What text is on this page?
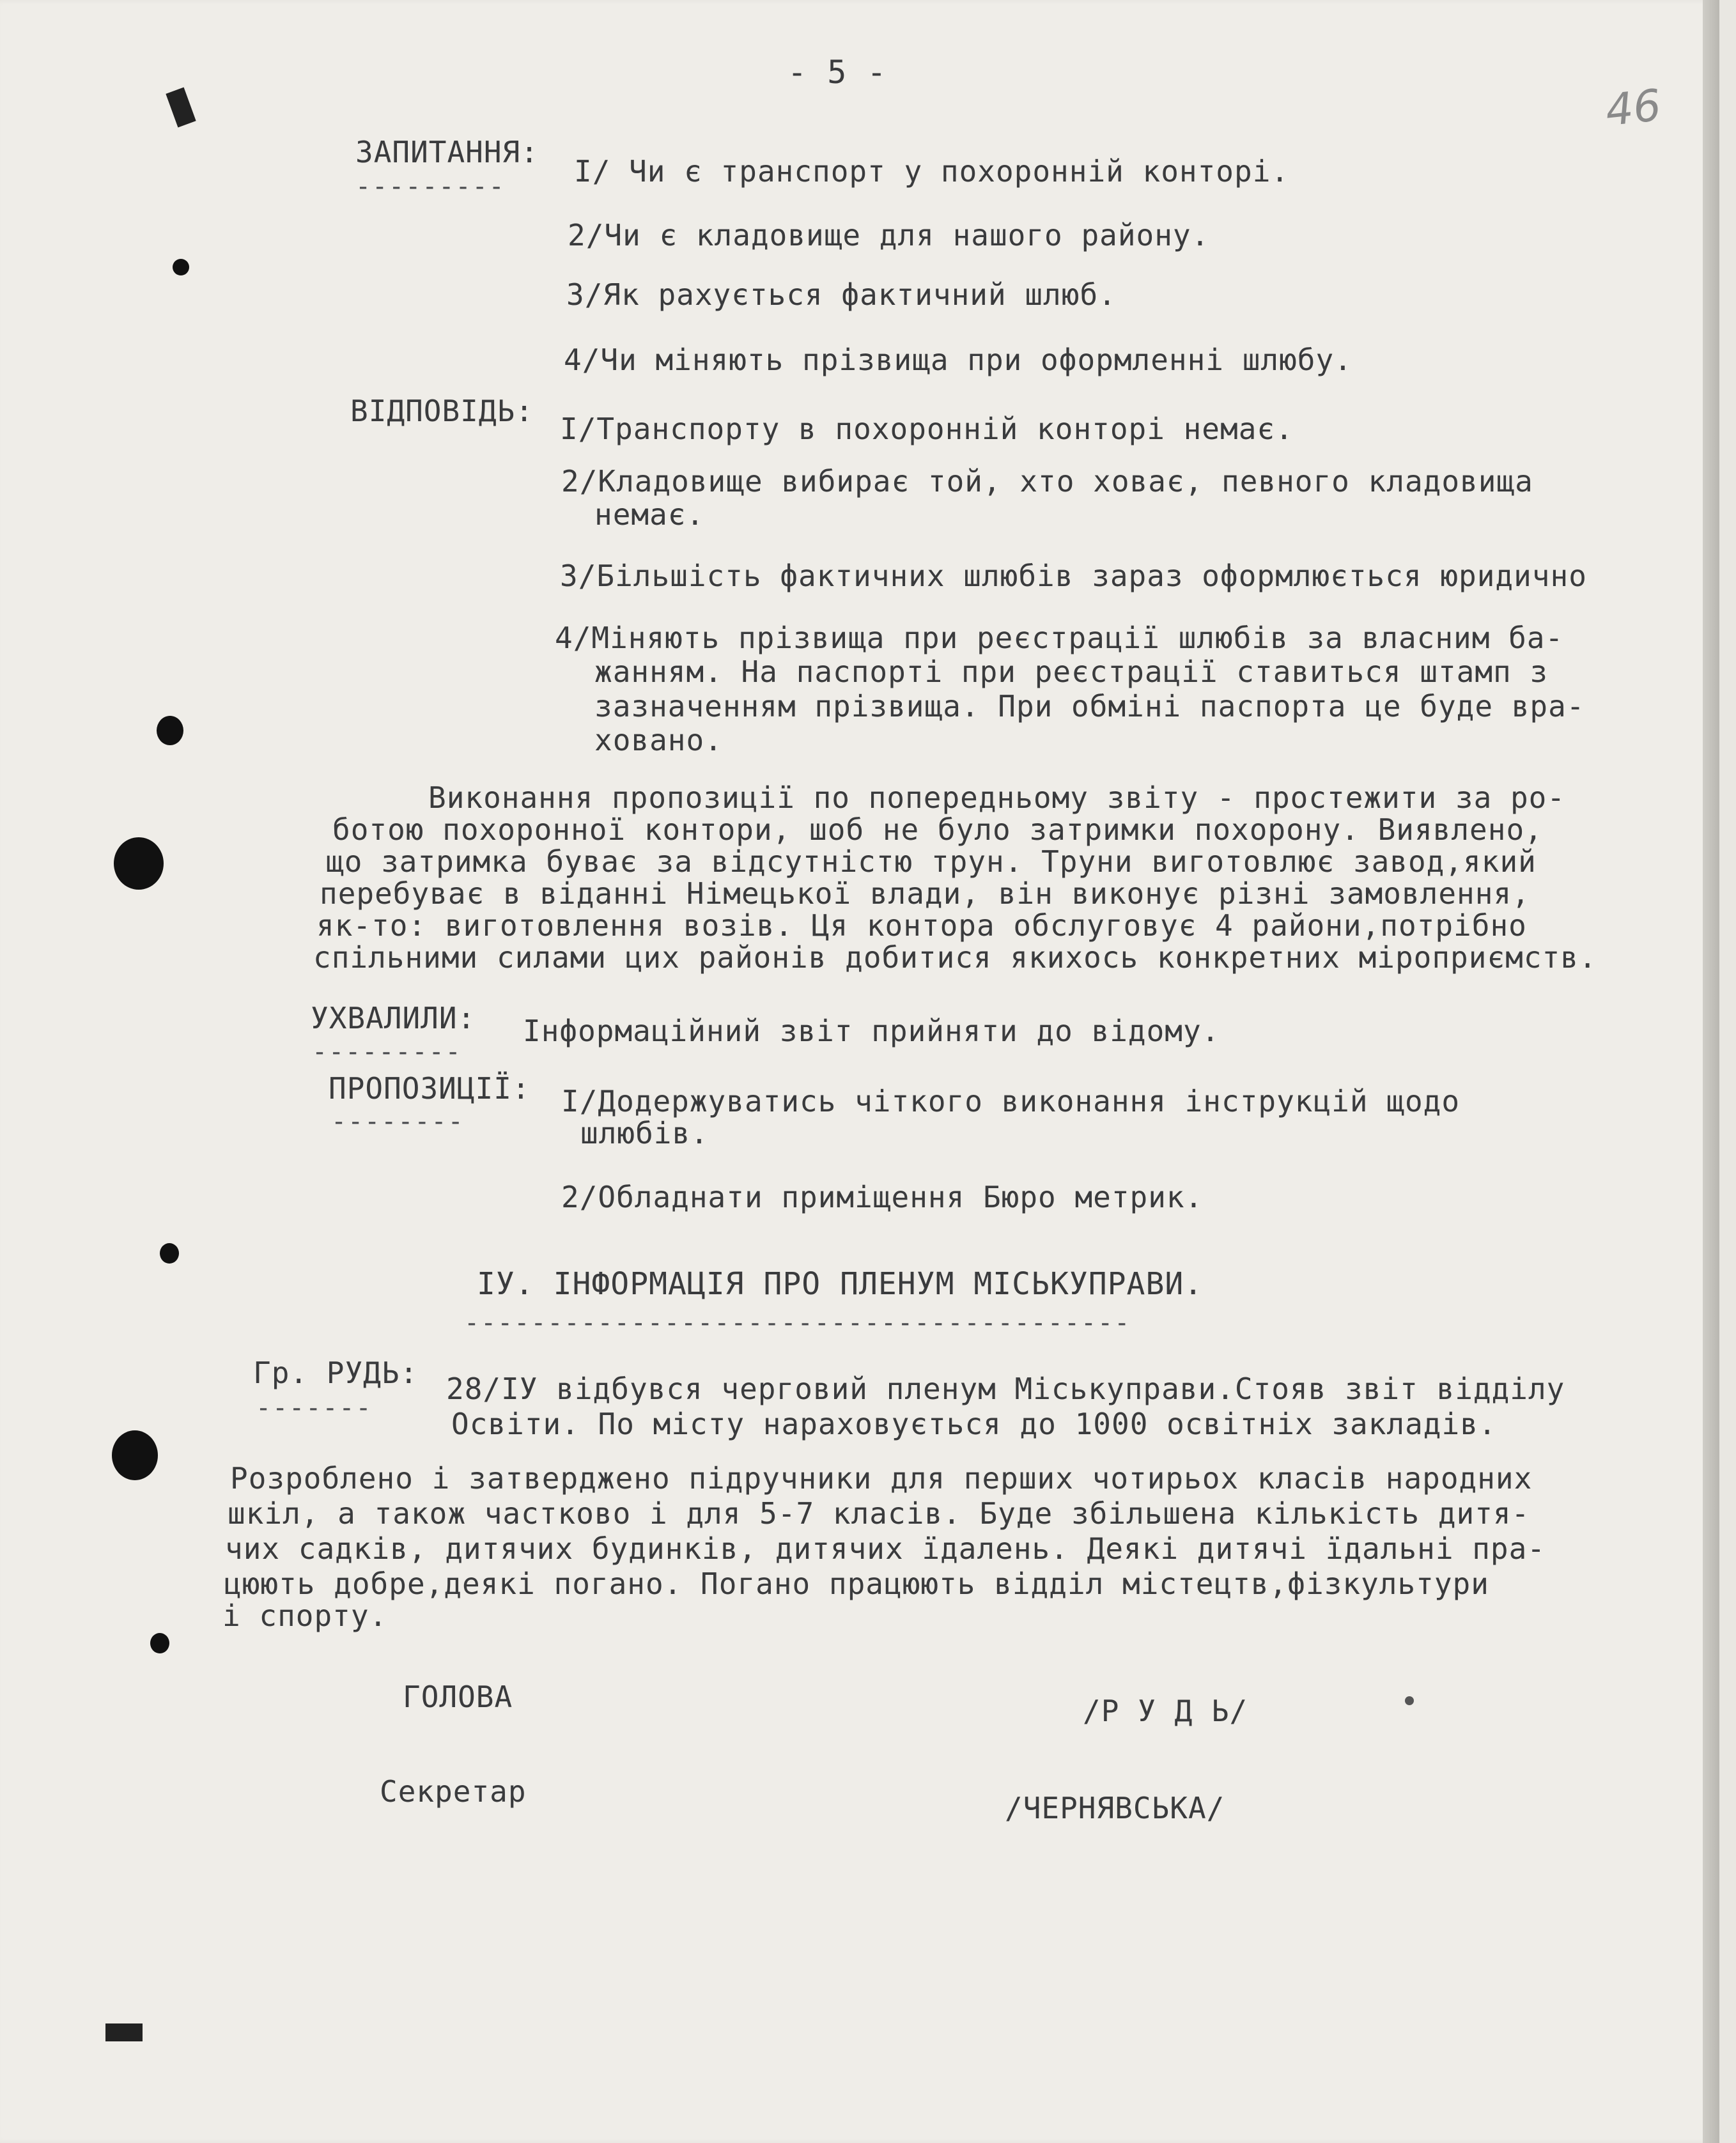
- 5 -
46
ЗАПИТАННЯ:
--------- I/ Чи є транспорт у похоронній конторі.
2/Чи є кладовище для нашого району.
3/Як рахується фактичний шлюб.
4/Чи міняють прізвища при оформленні шлюбу.
ВІДПОВІДЬ:
I/Транспорту в похоронній конторі немає.
2/Кладовище вибирає той, хто ховає, певного кладовища
немає.
3/Більшість фактичних шлюбів зараз оформлюється юридично
4/Міняють прізвища при реєстрації шлюбів за власним ба-
жанням. На паспорті при реєстрації ставиться штамп з
зазначенням прізвища. При обміні паспорта це буде вра-
ховано.
Виконання пропозиції по попередньому звіту - простежити за ро-
ботою похоронної контори, шоб не було затримки похорону. Виявлено,
що затримка буває за відсутністю трун. Труни виготовлює завод,який
перебуває в віданні Німецької влади, він виконує різні замовлення,
як-то: виготовлення возів. Ця контора обслуговує 4 райони,потрібно
спільними силами цих районів добитися якихось конкретних міроприємств.
УХВАЛИЛИ:
---------
Інформаційний звіт прийняти до відому.
ПРОПОЗИЦІЇ:
--------
I/Додержуватись чіткого виконання інструкцій щодо
шлюбів.
2/Обладнати приміщення Бюро метрик.
ІУ. ІНФОРМАЦІЯ ПРО ПЛЕНУМ МІСЬКУПРАВИ.
----------------------------------------
Гр. РУДЬ:
-------
28/ІУ відбувся черговий пленум Міськуправи.Стояв звіт відділу
Освіти. По місту нараховується до 1000 освітніх закладів.
Розроблено і затверджено підручники для перших чотирьох класів народних
шкіл, а також частково і для 5-7 класів. Буде збільшена кількість дитя-
чих садків, дитячих будинків, дитячих їдалень. Деякі дитячі їдальні пра-
цюють добре,деякі погано. Погано працюють відділ містецтв,фізкультури
і спорту.
ГОЛОВА	/Р У Д Ь/
Секретар	/ЧЕРНЯВСЬКА/
